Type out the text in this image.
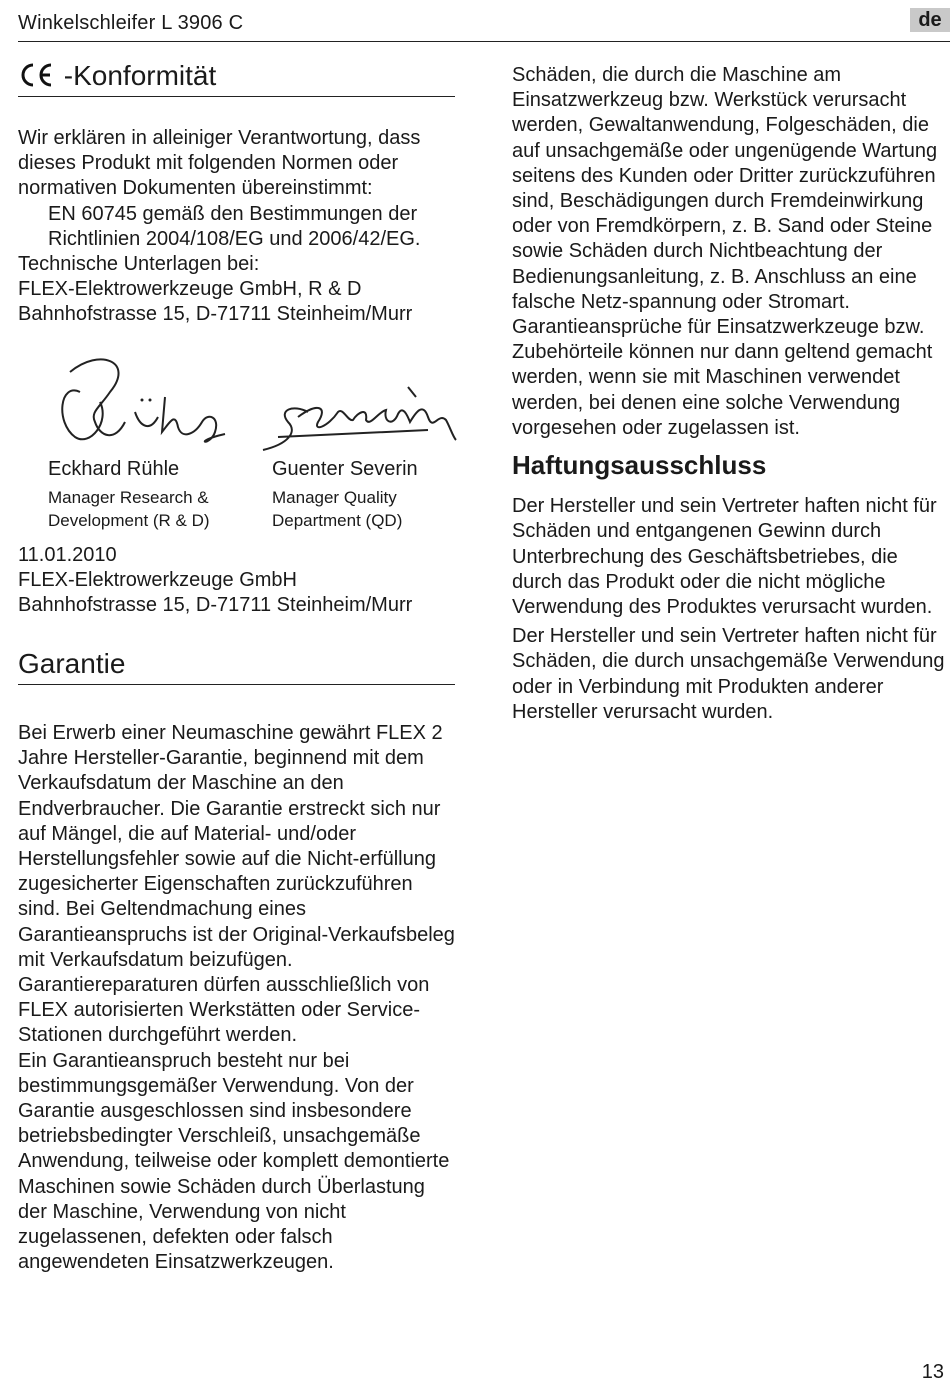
Winkelschleifer L 3906 C	de
-Konformität

Wir erklären in alleiniger Verantwortung, dass dieses Produkt mit folgenden Normen oder normativen Dokumenten übereinstimmt:

EN 60745 gemäß den Bestimmungen der Richtlinien 2004/108/EG und 2006/42/EG.

Technische Unterlagen bei:

FLEX-Elektrowerkzeuge GmbH, R & D

Bahnhofstrasse 15, D-71711 Steinheim/Murr

Eckhard Rühle
Manager Research &
Development (R & D)
Guenter Severin
Manager Quality
Department (QD)

11.01.2010

FLEX-Elektrowerkzeuge GmbH

Bahnhofstrasse 15, D-71711 Steinheim/Murr

Garantie

Bei Erwerb einer Neumaschine gewährt FLEX 2 Jahre Hersteller-Garantie, beginnend mit dem Verkaufsdatum der Maschine an den Endverbraucher. Die Garantie erstreckt sich nur auf Mängel, die auf Material- und/oder Herstellungsfehler sowie auf die Nicht-erfüllung zugesicherter Eigenschaften zurückzuführen sind. Bei Geltendmachung eines Garantieanspruchs ist der Original-Verkaufsbeleg mit Verkaufsdatum beizufügen. Garantiereparaturen dürfen ausschließlich von FLEX autorisierten Werkstätten oder Service-Stationen durchgeführt werden.

Ein Garantieanspruch besteht nur bei bestimmungsgemäßer Verwendung. Von der Garantie ausgeschlossen sind insbesondere betriebsbedingter Verschleiß, unsachgemäße Anwendung, teilweise oder komplett demontierte Maschinen sowie Schäden durch Überlastung der Maschine, Verwendung von nicht zugelassenen, defekten oder falsch angewendeten Einsatzwerkzeugen.

Schäden, die durch die Maschine am Einsatzwerkzeug bzw. Werkstück verursacht werden, Gewaltanwendung, Folgeschäden, die auf unsachgemäße oder ungenügende Wartung seitens des Kunden oder Dritter zurückzuführen sind, Beschädigungen durch Fremdeinwirkung oder von Fremdkörpern, z. B. Sand oder Steine sowie Schäden durch Nichtbeachtung der Bedienungsanleitung, z. B. Anschluss an eine falsche Netz-spannung oder Stromart. Garantieansprüche für Einsatzwerkzeuge bzw. Zubehörteile können nur dann geltend gemacht werden, wenn sie mit Maschinen verwendet werden, bei denen eine solche Verwendung vorgesehen oder zugelassen ist.

Haftungsausschluss

Der Hersteller und sein Vertreter haften nicht für Schäden und entgangenen Gewinn durch Unterbrechung des Geschäftsbetriebes, die durch das Produkt oder die nicht mögliche Verwendung des Produktes verursacht wurden.

Der Hersteller und sein Vertreter haften nicht für Schäden, die durch unsachgemäße Verwendung oder in Verbindung mit Produkten anderer Hersteller verursacht wurden.

13
